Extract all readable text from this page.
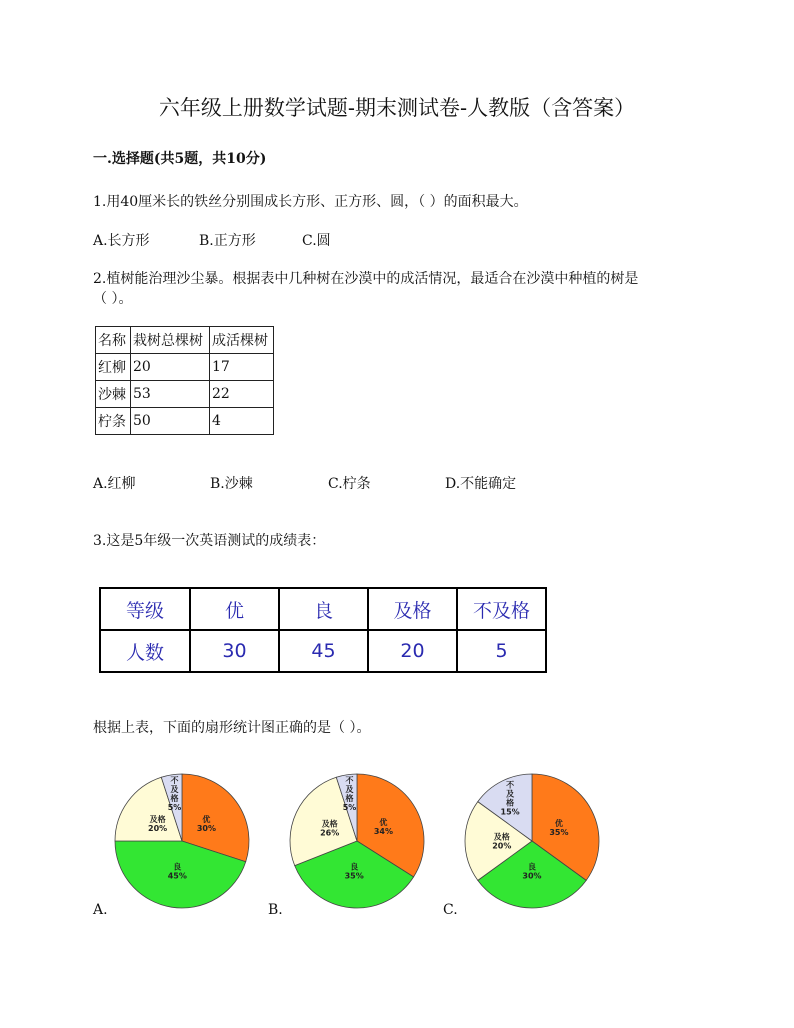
六年级上册数学试题-期末测试卷-人教版（含答案）
一.选择题(共5题，共10分)
1.用40厘米长的铁丝分别围成长方形、正方形、圆，（ ）的面积最大。
A.长方形	B.正方形	C.圆
2.植树能治理沙尘暴。根据表中几种树在沙漠中的成活情况，最适合在沙漠中种植的树是
（ ）。
名称	栽树总棵树	成活棵树
红柳	20	17
沙棘	53	22
柠条	50	4
A.红柳	B.沙棘	C.柠条	D.不能确定
3.这是5年级一次英语测试的成绩表：
等级	优	良	及格	不及格
人数	30	45	20	5
根据上表，下面的扇形统计图正确的是（ ）。
优
30%
良
45%
及格
20%
不
及
格
5%
优
34%
良
35%
及格
26%
不
及
格
5%
优
35%
良
30%
及格
20%
不
及
格
15%
A.	B.	C.
